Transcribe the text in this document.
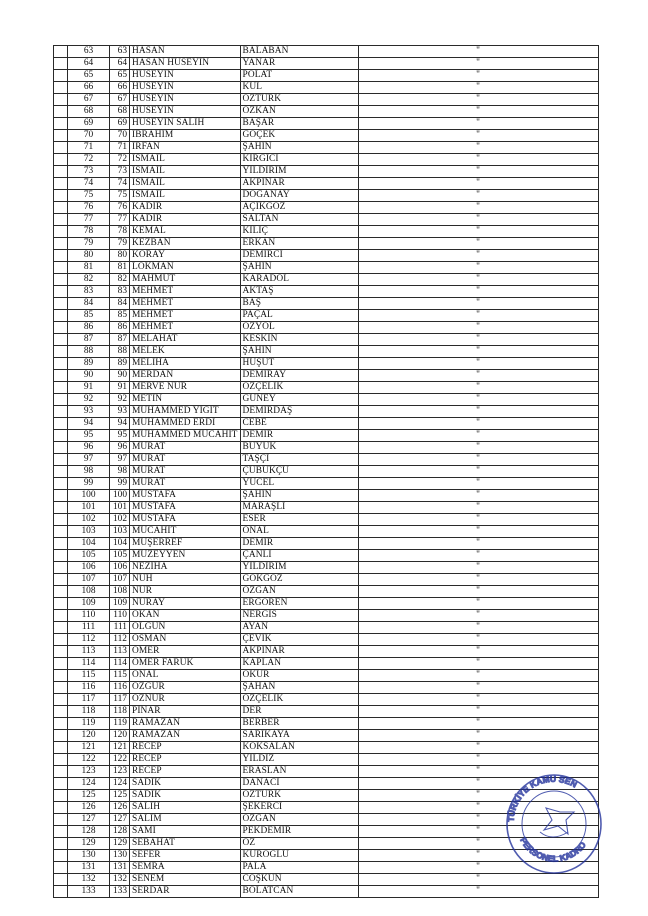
	63	63	HASAN	BALABAN	"
	64	64	HASAN HÜSEYİN	YANAR	"
	65	65	HÜSEYİN	POLAT	"
	66	66	HÜSEYİN	KÜL	"
	67	67	HÜSEYİN	ÖZTÜRK	"
	68	68	HÜSEYİN	ÖZKAN	"
	69	69	HÜSEYİN SALİH	BAŞAR	"
	70	70	İBRAHİM	GÖÇEK	"
	71	71	İRFAN	ŞAHİN	"
	72	72	İSMAİL	KIRGICI	"
	73	73	İSMAİL	YILDIRIM	"
	74	74	İSMAİL	AKPINAR	"
	75	75	İSMAİL	DOĞANAY	"
	76	76	KADİR	AÇIKGÖZ	"
	77	77	KADİR	SALTAN	"
	78	78	KEMAL	KILIÇ	"
	79	79	KEZBAN	ERKAN	"
	80	80	KORAY	DEMİRCİ	"
	81	81	LOKMAN	ŞAHİN	"
	82	82	MAHMUT	KARADÖL	"
	83	83	MEHMET	AKTAŞ	"
	84	84	MEHMET	BAŞ	"
	85	85	MEHMET	PAÇAL	"
	86	86	MEHMET	ÖZYOL	"
	87	87	MELAHAT	KESKİN	"
	88	88	MELEK	ŞAHİN	"
	89	89	MELİHA	HUŞUT	"
	90	90	MERDAN	DEMİRAY	"
	91	91	MERVE NUR	ÖZÇELİK	"
	92	92	METİN	GÜNEY	"
	93	93	MUHAMMED YİĞİT	DEMİRDAŞ	"
	94	94	MUHAMMED ERDİ	CEBE	"
	95	95	MUHAMMED MÜCAHİT	DEMİR	"
	96	96	MURAT	BÜYÜK	"
	97	97	MURAT	TAŞÇI	"
	98	98	MURAT	ÇUBUKÇU	"
	99	99	MURAT	YÜCEL	"
	100	100	MUSTAFA	ŞAHİN	"
	101	101	MUSTAFA	MARAŞLI	"
	102	102	MUSTAFA	ESER	"
	103	103	MÜCAHİT	ÖNAL	"
	104	104	MÜŞERREF	DEMİR	"
	105	105	MÜZEYYEN	ÇANLI	"
	106	106	NEZİHA	YILDIRIM	"
	107	107	NUH	GÖKGÖZ	"
	108	108	NUR	ÖZGAN	"
	109	109	NURAY	ERGÖREN	"
	110	110	OKAN	NERGİS	"
	111	111	OLGUN	AYAN	"
	112	112	OSMAN	ÇEVİK	"
	113	113	ÖMER	AKPINAR	"
	114	114	ÖMER FARUK	KAPLAN	"
	115	115	ÖNAL	OKUR	"
	116	116	ÖZGÜR	ŞAHAN	"
	117	117	ÖZNUR	ÖZÇELİK	"
	118	118	PINAR	DER	"
	119	119	RAMAZAN	BERBER	"
	120	120	RAMAZAN	SARIKAYA	"
	121	121	RECEP	KÖKSALAN	"
	122	122	RECEP	YILDIZ	"
	123	123	RECEP	ERASLAN	"
	124	124	SADIK	DANACI	"
	125	125	SADIK	ÖZTÜRK	"
	126	126	SALİH	ŞEKERCİ	"
	127	127	SALİM	ÖZGAN	"
	128	128	SAMİ	PEKDEMİR	"
	129	129	SEBAHAT	ÖZ	"
	130	130	SEFER	KUROĞLU	"
	131	131	SEMRA	PALA	"
	132	132	SENEM	COŞKUN	"
	133	133	SERDAR	BOLATCAN	"
TÜRKİYE KAMU SEN
PERSONEL KADRO
